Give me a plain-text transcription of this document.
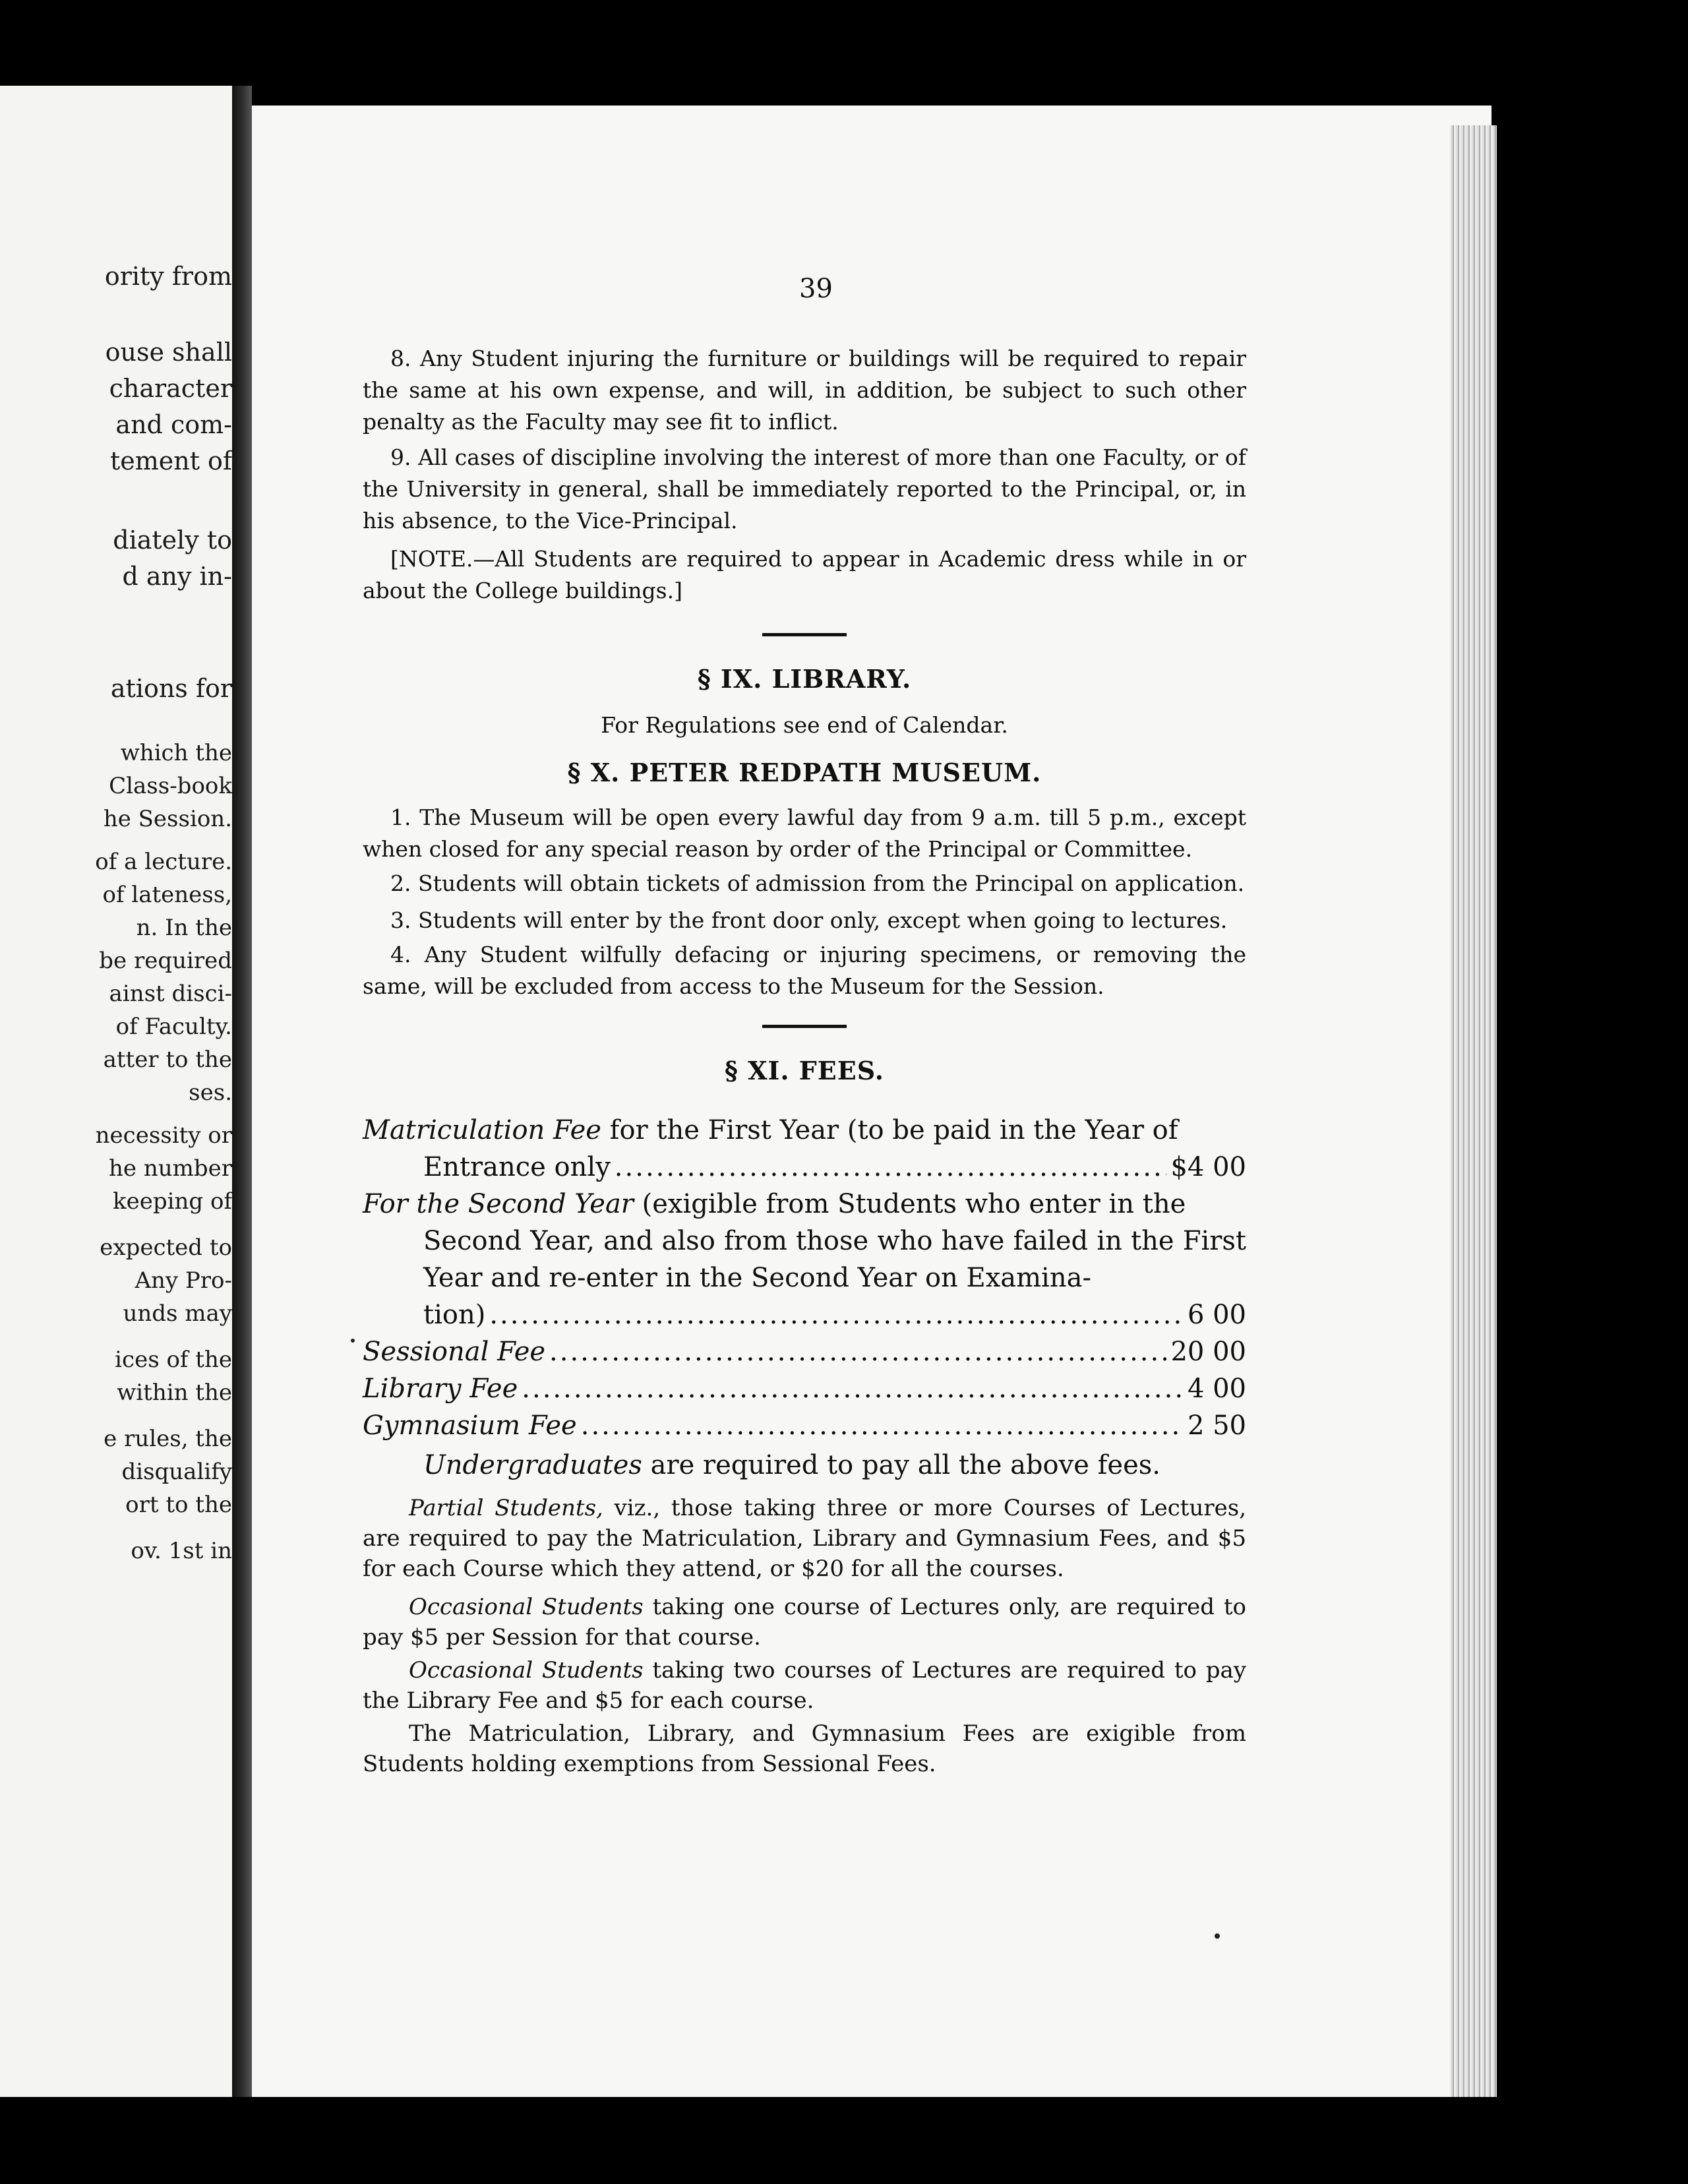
ority from
ouse shall
character
and com-
tement of
diately to
d any in-
ations for
which the
Class-book
he Session.
of a lecture.
of lateness,
n. In the
be required
ainst disci-
of Faculty.
atter to the
ses.
necessity or
he number
keeping of
expected to
Any Pro-
unds may
ices of the
within the
e rules, the
disqualify
ort to the
ov. 1st in
39

8. Any Student injuring the furniture or buildings will be required to repair the same at his own expense, and will, in addition, be subject to such other penalty as the Faculty may see fit to inflict.

9. All cases of discipline involving the interest of more than one Faculty, or of the University in general, shall be immediately reported to the Principal, or, in his absence, to the Vice-Principal.

[NOTE.—All Students are required to appear in Academic dress while in or about the College buildings.]

§ IX. LIBRARY.

For Regulations see end of Calendar.

§ X. PETER REDPATH MUSEUM.

1. The Museum will be open every lawful day from 9 a.m. till 5 p.m., except when closed for any special reason by order of the Principal or Committee.

2. Students will obtain tickets of admission from the Principal on application.

3. Students will enter by the front door only, except when going to lectures.

4. Any Student wilfully defacing or injuring specimens, or removing the same, will be excluded from access to the Museum for the Session.

§ XI. FEES.

Matriculation Fee for the First Year (to be paid in the Year of

Entrance only .....	$4 00

For the Second Year (exigible from Students who enter in the

Second Year, and also from those who have failed in the First Year and re-enter in the Second Year on Examina-

tion) .....	6 00
Sessional Fee .....	20 00
Library Fee .....	4 00
Gymnasium Fee .....	2 50

Undergraduates are required to pay all the above fees.

Partial Students, viz., those taking three or more Courses of Lectures, are required to pay the Matriculation, Library and Gymnasium Fees, and $5 for each Course which they attend, or $20 for all the courses.

Occasional Students taking one course of Lectures only, are required to pay $5 per Session for that course.

Occasional Students taking two courses of Lectures are required to pay the Library Fee and $5 for each course.

The Matriculation, Library, and Gymnasium Fees are exigible from Students holding exemptions from Sessional Fees.
